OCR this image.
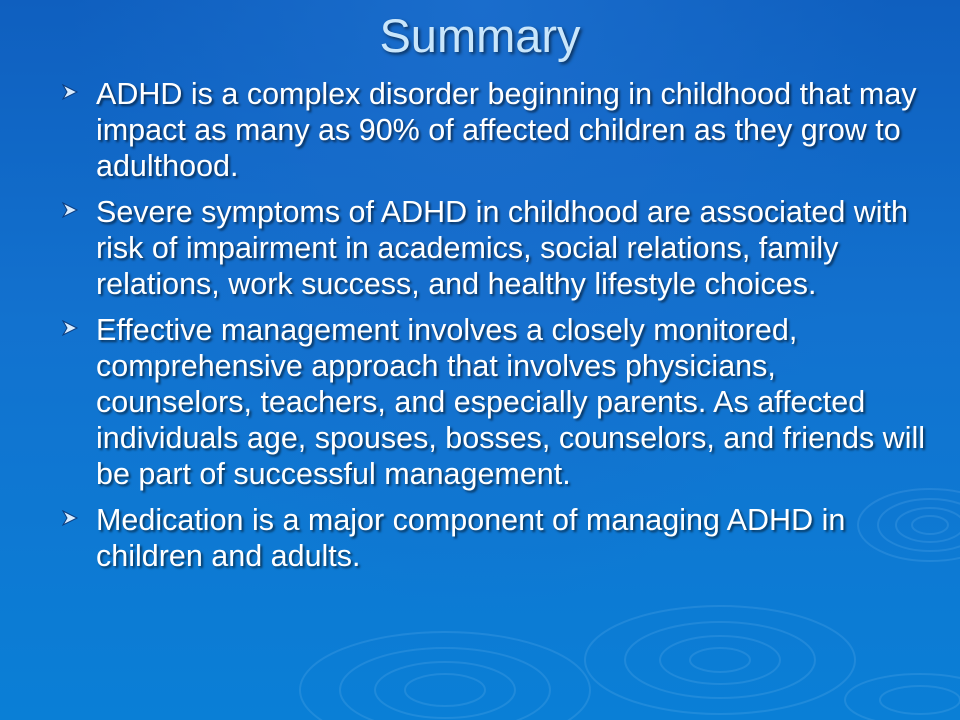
Summary
ADHD is a complex disorder beginning in childhood that may impact as many as 90% of affected children as they grow to adulthood.
Severe symptoms of ADHD in childhood are associated with risk of impairment in academics, social relations, family relations, work success, and healthy lifestyle choices.
Effective management involves a closely monitored, comprehensive approach that involves physicians, counselors, teachers, and especially parents. As affected individuals age, spouses, bosses, counselors, and friends will be part of successful management.
Medication is a major component of managing ADHD in children and adults.
